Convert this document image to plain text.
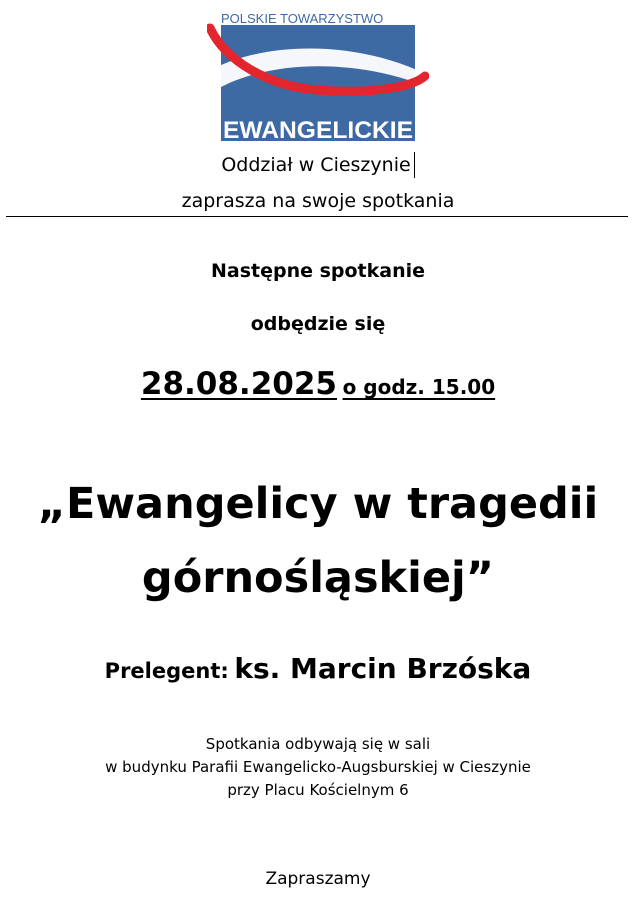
POLSKIE TOWARZYSTWO
EWANGELICKIE
Oddział w Cieszynie
zaprasza na swoje spotkania
Następne spotkanie
odbędzie się
28.08.2025 o godz. 15.00
„Ewangelicy w tragedii
górnośląskiej”
Prelegent: ks. Marcin Brzóska
Spotkania odbywają się w sali
w budynku Parafii Ewangelicko-Augsburskiej w Cieszynie
przy Placu Kościelnym 6
Zapraszamy
